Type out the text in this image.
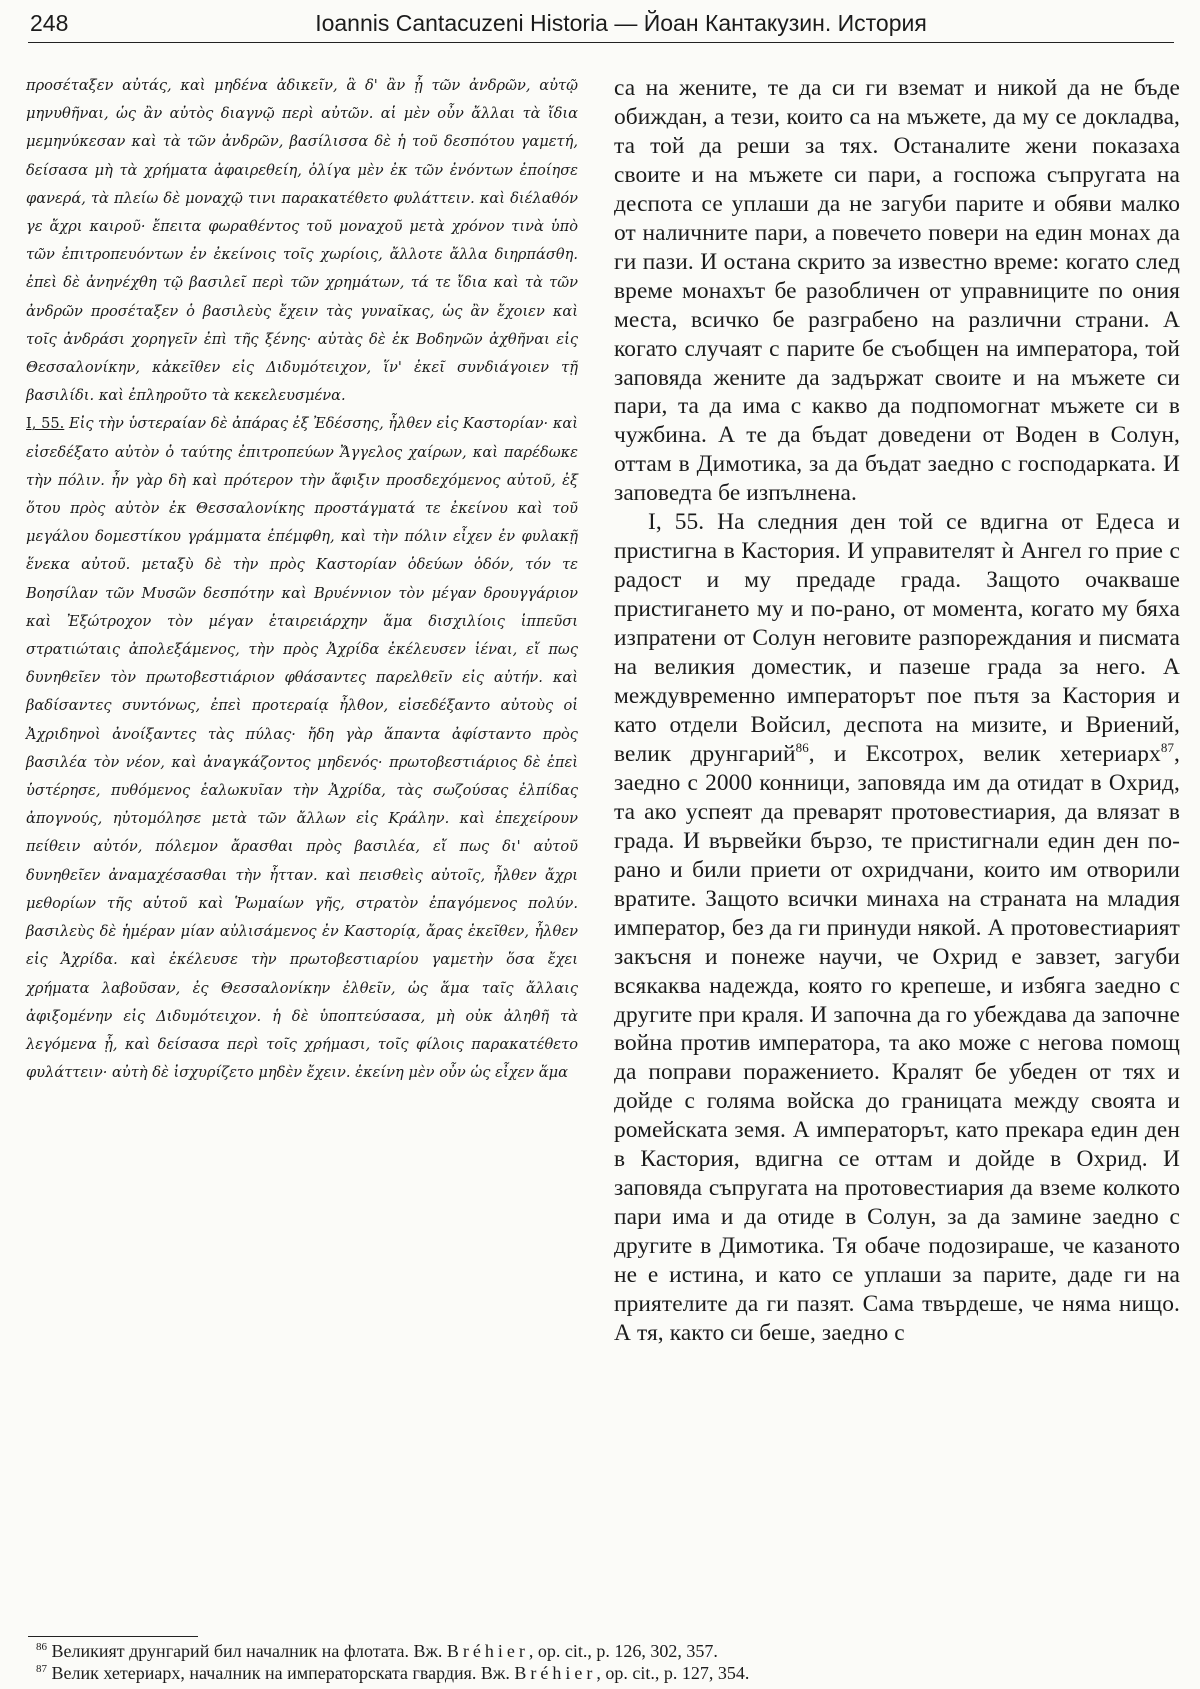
248	Ioannis Cantacuzeni Historia — Йоан Кантакузин. История

προσέταξεν αὐτάς, καὶ μηδένα ἀδικεῖν, ἃ δ' ἂν ᾖ τῶν ἀνδρῶν, αὐτῷ μηνυθῆναι, ὡς ἂν αὐτὸς διαγνῷ περὶ αὐτῶν. αἱ μὲν οὖν ἄλλαι τὰ ἴδια μεμηνύκεσαν καὶ τὰ τῶν ἀνδρῶν, βασίλισσα δὲ ἡ τοῦ δεσπότου γαμετή, δείσασα μὴ τὰ χρήματα ἀφαιρεθείη, ὀλίγα μὲν ἐκ τῶν ἐνόντων ἐποίησε φανερά, τὰ πλείω δὲ μοναχῷ τινι παρακατέθετο φυλάττειν. καὶ διέλαθόν γε ἄχρι καιροῦ· ἔπειτα φωραθέντος τοῦ μοναχοῦ μετὰ χρόνον τινὰ ὑπὸ τῶν ἐπιτροπευόντων ἐν ἐκείνοις τοῖς χωρίοις, ἄλλοτε ἄλλα διηρπάσθη. ἐπεὶ δὲ ἀνηνέχθη τῷ βασιλεῖ περὶ τῶν χρημάτων, τά τε ἴδια καὶ τὰ τῶν ἀνδρῶν προσέταξεν ὁ βασιλεὺς ἔχειν τὰς γυναῖκας, ὡς ἂν ἔχοιεν καὶ τοῖς ἀνδράσι χορηγεῖν ἐπὶ τῆς ξένης· αὐτὰς δὲ ἐκ Βοδηνῶν ἀχθῆναι εἰς Θεσσαλονίκην, κἀκεῖθεν εἰς Διδυμότειχον, ἵν' ἐκεῖ συνδιάγοιεν τῇ βασιλίδι. καὶ ἐπληροῦτο τὰ κεκελευσμένα.

I, 55. Εἰς τὴν ὑστεραίαν δὲ ἀπάρας ἐξ Ἐδέσσης, ἦλθεν εἰς Καστορίαν· καὶ εἰσεδέξατο αὐτὸν ὁ ταύτης ἐπιτροπεύων Ἄγγελος χαίρων, καὶ παρέδωκε τὴν πόλιν. ἦν γὰρ δὴ καὶ πρότερον τὴν ἄφιξιν προσδεχόμενος αὐτοῦ, ἐξ ὅτου πρὸς αὐτὸν ἐκ Θεσσαλονίκης προστάγματά τε ἐκείνου καὶ τοῦ μεγάλου δομεστίκου γράμματα ἐπέμφθη, καὶ τὴν πόλιν εἶχεν ἐν φυλακῇ ἕνεκα αὐτοῦ. μεταξὺ δὲ τὴν πρὸς Καστορίαν ὁδεύων ὁδόν, τόν τε Βοησίλαν τῶν Μυσῶν δεσπότην καὶ Βρυέννιον τὸν μέγαν δρουγγάριον καὶ Ἐξώτροχον τὸν μέγαν ἑταιρειάρχην ἅμα δισχιλίοις ἱππεῦσι στρατιώταις ἀπολεξάμενος, τὴν πρὸς Ἀχρίδα ἐκέλευσεν ἰέναι, εἴ πως δυνηθεῖεν τὸν πρωτοβεστιάριον φθάσαντες παρελθεῖν εἰς αὐτήν. καὶ βαδίσαντες συντόνως, ἐπεὶ προτεραίᾳ ἦλθον, εἰσεδέξαντο αὐτοὺς οἱ Ἀχριδηνοὶ ἀνοίξαντες τὰς πύλας· ἤδη γὰρ ἅπαντα ἀφίσταντο πρὸς βασιλέα τὸν νέον, καὶ ἀναγκάζοντος μηδενός· πρωτοβεστιάριος δὲ ἐπεὶ ὑστέρησε, πυθόμενος ἑαλωκυῖαν τὴν Ἀχρίδα, τὰς σωζούσας ἐλπίδας ἀπογνούς, ηὐτομόλησε μετὰ τῶν ἄλλων εἰς Κράλην. καὶ ἐπεχείρουν πείθειν αὐτόν, πόλεμον ἄρασθαι πρὸς βασιλέα, εἴ πως δι' αὐτοῦ δυνηθεῖεν ἀναμαχέσασθαι τὴν ἧτταν. καὶ πεισθεὶς αὐτοῖς, ἦλθεν ἄχρι μεθορίων τῆς αὑτοῦ καὶ Ῥωμαίων γῆς, στρατὸν ἐπαγόμενος πολύν. βασιλεὺς δὲ ἡμέραν μίαν αὐλισάμενος ἐν Καστορίᾳ, ἄρας ἐκεῖθεν, ἦλθεν εἰς Ἀχρίδα. καὶ ἐκέλευσε τὴν πρωτοβεστιαρίου γαμετὴν ὅσα ἔχει χρήματα λαβοῦσαν, ἐς Θεσσαλονίκην ἐλθεῖν, ὡς ἅμα ταῖς ἄλλαις ἀφιξομένην εἰς Διδυμότειχον. ἡ δὲ ὑποπτεύσασα, μὴ οὐκ ἀληθῆ τὰ λεγόμενα ᾖ, καὶ δείσασα περὶ τοῖς χρήμασι, τοῖς φίλοις παρακατέθετο φυλάττειν· αὐτὴ δὲ ἰσχυρίζετο μηδὲν ἔχειν. ἐκείνη μὲν οὖν ὡς εἶχεν ἅμα

са на жените, те да си ги вземат и никой да не бъде обиждан, а тези, които са на мъжете, да му се докладва, та той да реши за тях. Останалите жени показаха своите и на мъжете си пари, а госпожа съпругата на деспота се уплаши да не загуби парите и обяви малко от наличните пари, а повечето повери на един монах да ги пази. И остана скрито за известно време: когато след време монахът бе разобличен от управниците по ония места, всичко бе разграбено на различни страни. А когато случаят с парите бе съобщен на императора, той заповяда жените да задържат своите и на мъжете си пари, та да има с какво да подпомогнат мъжете си в чужбина. А те да бъдат доведени от Воден в Солун, оттам в Димотика, за да бъдат заедно с господарката. И заповедта бе изпълнена.

I, 55. На следния ден той се вдигна от Едеса и пристигна в Кастория. И управителят ѝ Ангел го прие с радост и му предаде града. Защото очакваше пристигането му и по-рано, от момента, когато му бяха изпратени от Солун неговите разпореждания и писмата на великия доместик, и пазеше града за него. А междувременно императорът пое пътя за Кастория и като отдели Войсил, деспота на мизите, и Вриений, велик друнгарий$^{86}$, и Ексотрох, велик хетериарх$^{87}$, заедно с 2000 конници, заповяда им да отидат в Охрид, та ако успеят да преварят протовестиария, да влязат в града. И вървейки бързо, те пристигнали един ден по-рано и били приети от охридчани, които им отворили вратите. Защото всички минаха на страната на младия император, без да ги принуди някой. А протовестиарият закъсня и понеже научи, че Охрид е завзет, загуби всякаква надежда, която го крепеше, и избяга заедно с другите при краля. И започна да го убеждава да започне война против императора, та ако може с негова помощ да поправи поражението. Кралят бе убеден от тях и дойде с голяма войска до границата между своята и ромейската земя. А императорът, като прекара един ден в Кастория, вдигна се оттам и дойде в Охрид. И заповяда съпругата на протовестиария да вземе колкото пари има и да отиде в Солун, за да замине заедно с другите в Димотика. Тя обаче подозираше, че казаното не е истина, и като се уплаши за парите, даде ги на приятелите да ги пазят. Сама твърдеше, че няма нищо. А тя, както си беше, заедно с

$^{86}$ Великият друнгарий бил началник на флотата. Вж. Bréhier, op. cit., p. 126, 302, 357.
$^{87}$ Велик хетериарх, началник на императорската гвардия. Вж. Bréhier, op. cit., p. 127, 354.
